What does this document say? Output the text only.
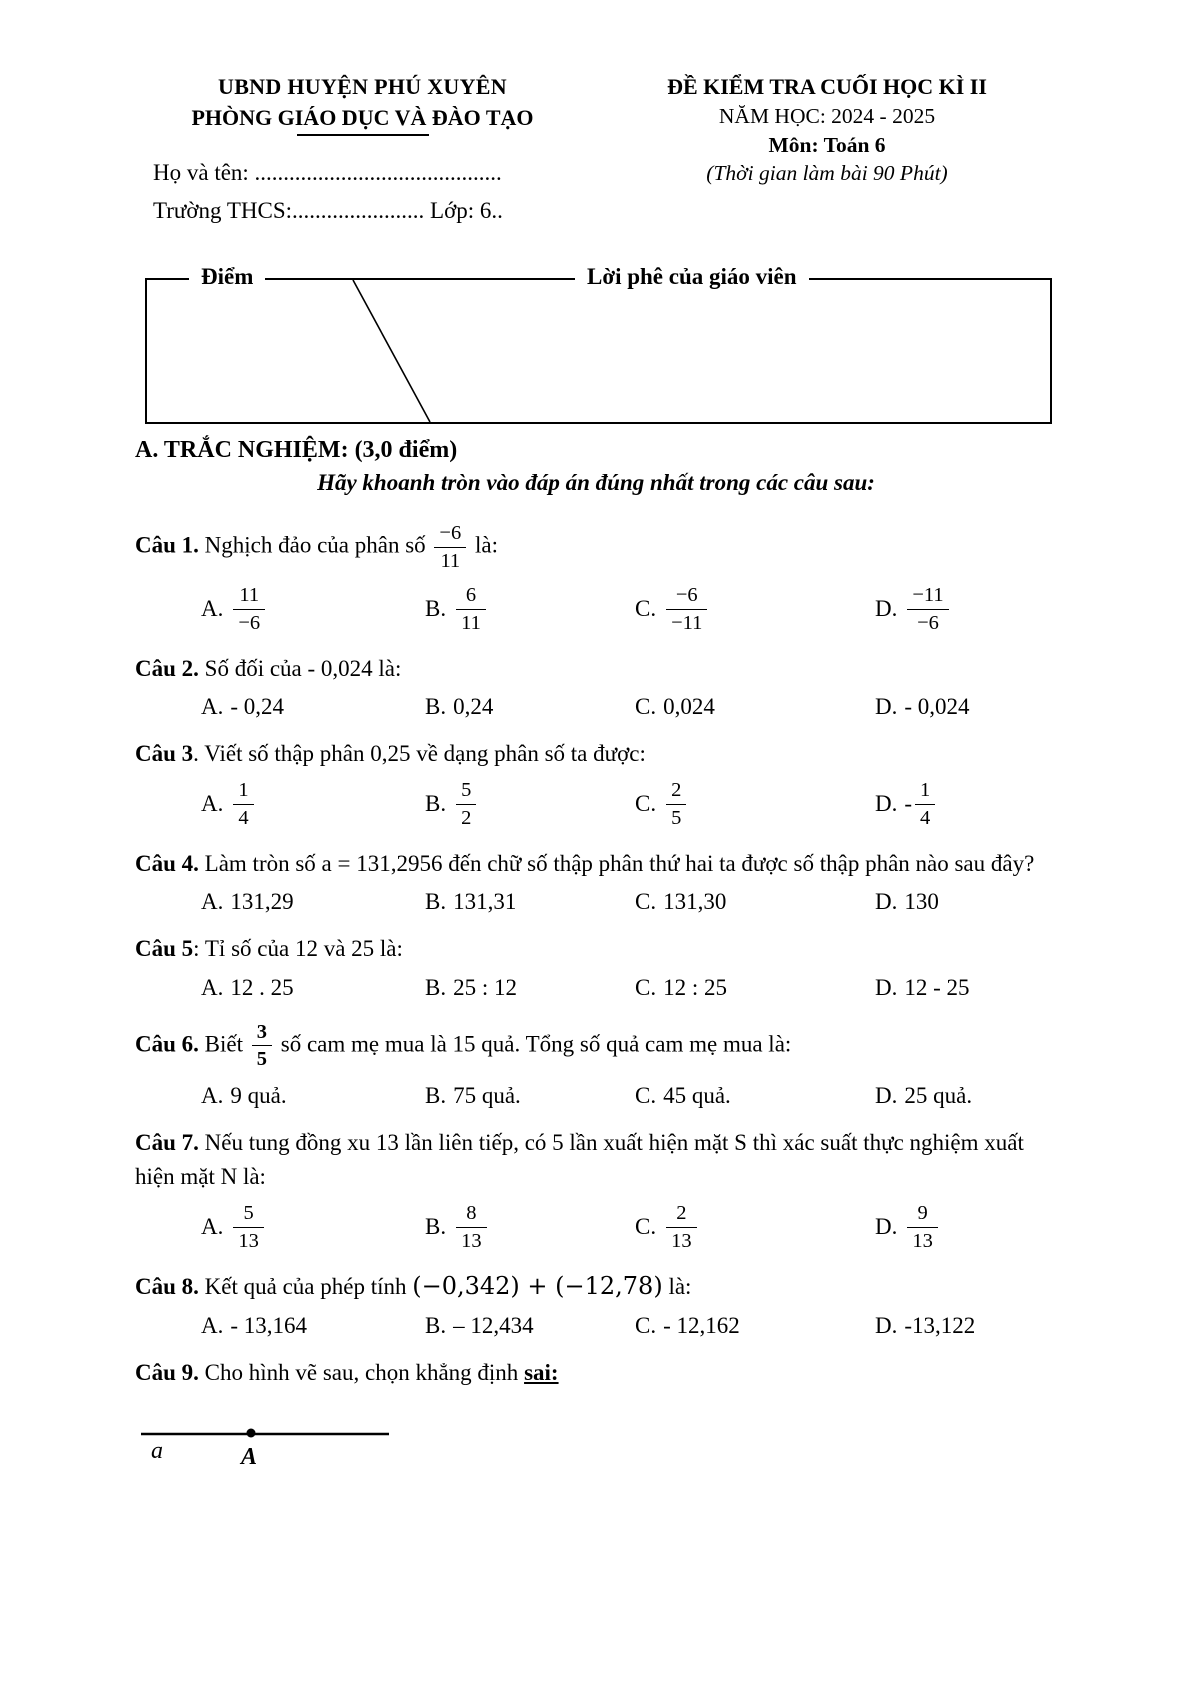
UBND HUYỆN PHÚ XUYÊN
PHÒNG GIÁO DỤC VÀ ĐÀO TẠO
Họ và tên: ...........................................
Trường THCS:....................... Lớp: 6..
ĐỀ KIỂM TRA CUỐI HỌC KÌ II
NĂM HỌC: 2024 - 2025
Môn: Toán 6
(Thời gian làm bài 90 Phút)
Điểm	Lời phê của giáo viên

A. TRẮC NGHIỆM: (3,0 điểm)

Hãy khoanh tròn vào đáp án đúng nhất trong các câu sau:

Câu 1. Nghịch đảo của phân số $\frac{-6}{11}$ là:

A. $\frac{11}{-6}$	B. $\frac{6}{11}$	C. $\frac{-6}{-11}$	D. $\frac{-11}{-6}$

Câu 2. Số đối của - 0,024 là:

A. - 0,24	B. 0,24	C. 0,024	D. - 0,024

Câu 3. Viết số thập phân 0,25 về dạng phân số ta được:

A. $\frac{1}{4}$	B. $\frac{5}{2}$	C. $\frac{2}{5}$	D. - $\frac{1}{4}$

Câu 4. Làm tròn số a = 131,2956 đến chữ số thập phân thứ hai ta được số thập phân nào sau đây?

A. 131,29	B. 131,31	C. 131,30	D. 130

Câu 5: Tỉ số của 12 và 25 là:

A. 12 . 25	B. 25 : 12	C. 12 : 25	D. 12 - 25

Câu 6. Biết $\frac{3}{5}$ số cam mẹ mua là 15 quả. Tổng số quả cam mẹ mua là:

A. 9 quả.	B. 75 quả.	C. 45 quả.	D. 25 quả.

Câu 7. Nếu tung đồng xu 13 lần liên tiếp, có 5 lần xuất hiện mặt S thì xác suất thực nghiệm xuất hiện mặt N là:

A. $\frac{5}{13}$	B. $\frac{8}{13}$	C. $\frac{2}{13}$	D. $\frac{9}{13}$

Câu 8. Kết quả của phép tính (−0,342) + (−12,78) là:

A. - 13,164	B. – 12,434	C. - 12,162	D. -13,122

Câu 9. Cho hình vẽ sau, chọn khẳng định sai:

a	A
